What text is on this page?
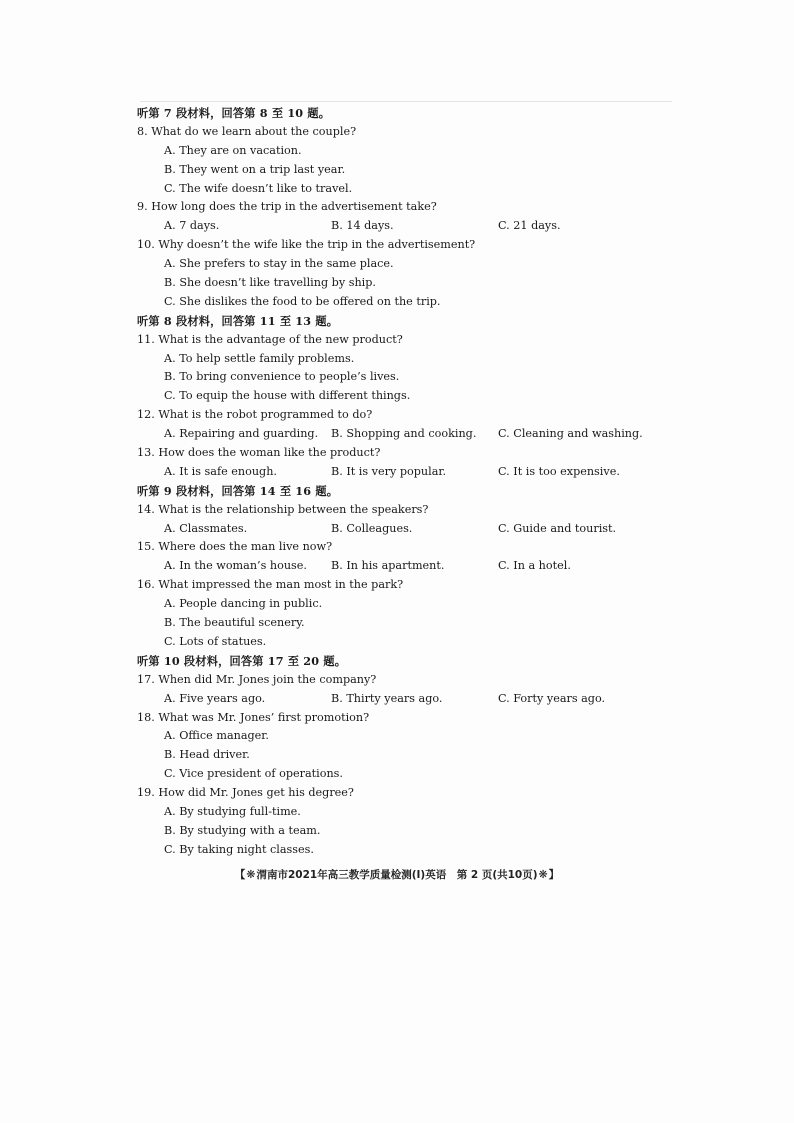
听第 7 段材料，回答第 8 至 10 题。
8. What do we learn about the couple?
A. They are on vacation.
B. They went on a trip last year.
C. The wife doesn’t like to travel.
9. How long does the trip in the advertisement take?
A. 7 days.	B. 14 days.	C. 21 days.
10. Why doesn’t the wife like the trip in the advertisement?
A. She prefers to stay in the same place.
B. She doesn’t like travelling by ship.
C. She dislikes the food to be offered on the trip.
听第 8 段材料，回答第 11 至 13 题。
11. What is the advantage of the new product?
A. To help settle family problems.
B. To bring convenience to people’s lives.
C. To equip the house with different things.
12. What is the robot programmed to do?
A. Repairing and guarding. B. Shopping and cooking. C. Cleaning and washing.
13. How does the woman like the product?
A. It is safe enough.	B. It is very popular.	C. It is too expensive.
听第 9 段材料，回答第 14 至 16 题。
14. What is the relationship between the speakers?
A. Classmates.	B. Colleagues.	C. Guide and tourist.
15. Where does the man live now?
A. In the woman’s house. B. In his apartment.	C. In a hotel.
16. What impressed the man most in the park?
A. People dancing in public.
B. The beautiful scenery.
C. Lots of statues.
听第 10 段材料，回答第 17 至 20 题。
17. When did Mr. Jones join the company?
A. Five years ago.	B. Thirty years ago.	C. Forty years ago.
18. What was Mr. Jones’ first promotion?
A. Office manager.
B. Head driver.
C. Vice president of operations.
19. How did Mr. Jones get his degree?
A. By studying full-time.
B. By studying with a team.
C. By taking night classes.
【❋渭南市2021年高三教学质量检测(Ⅰ)英语　第 2 页(共10页)❋】
